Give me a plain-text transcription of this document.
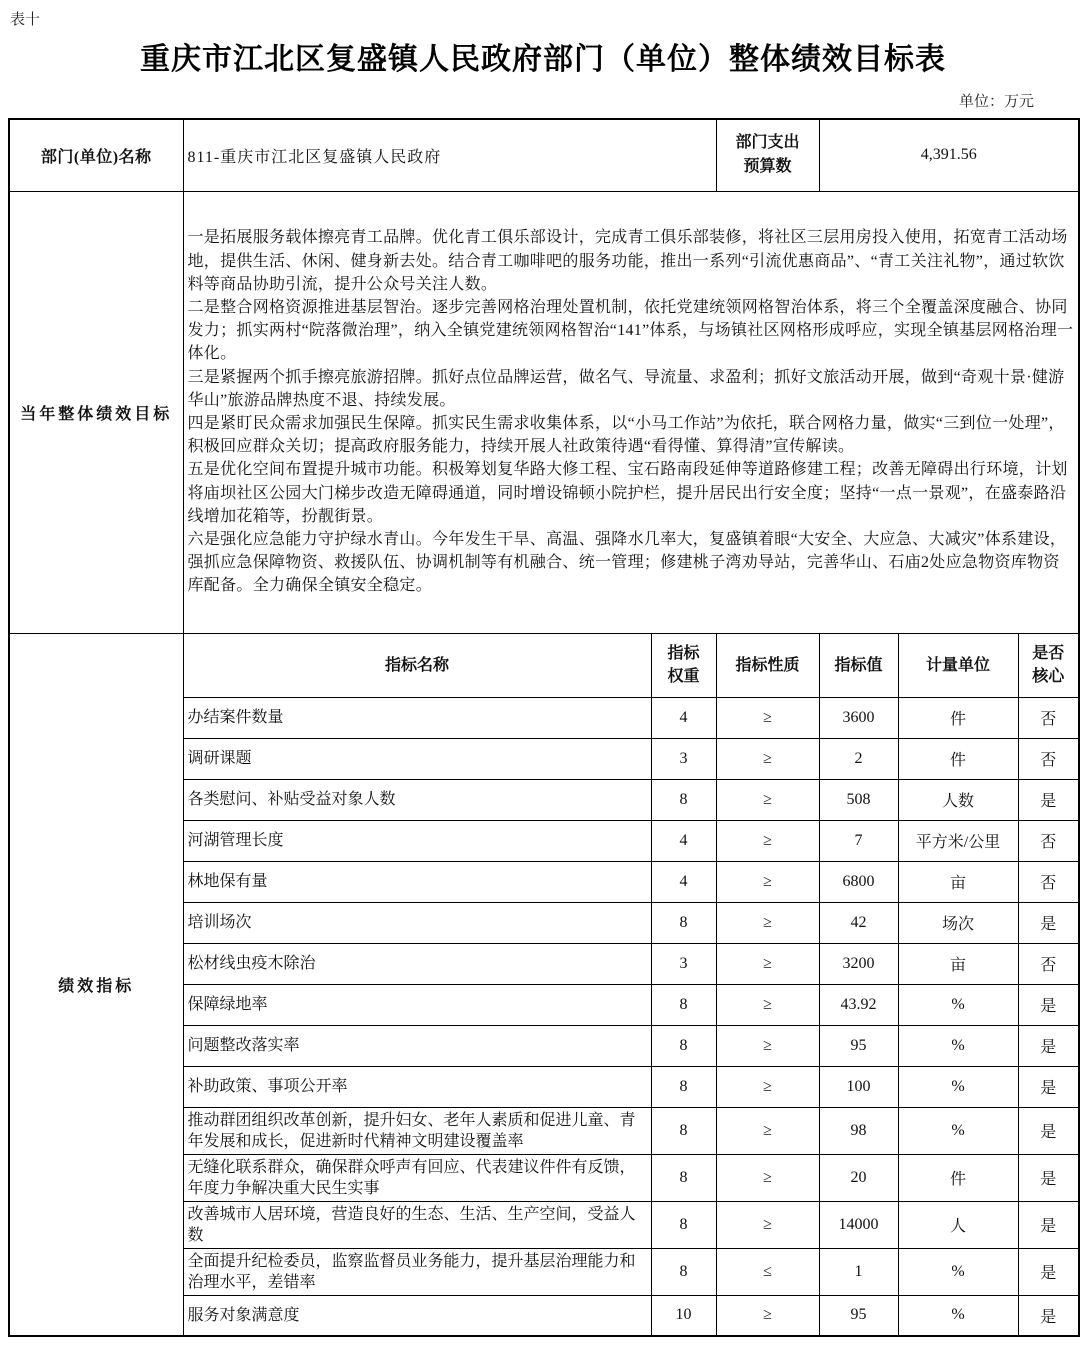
表十
重庆市江北区复盛镇人民政府部门（单位）整体绩效目标表
单位：万元
部门(单位)名称	811-重庆市江北区复盛镇人民政府		部门支出预算数	4,391.56		
当年整体绩效目标	
一是拓展服务载体擦亮青工品牌。优化青工俱乐部设计，完成青工俱乐部装修，将社区三层用房投入使用，拓宽青工活动场地，提供生活、休闲、健身新去处。结合青工咖啡吧的服务功能，推出一系列“引流优惠商品”、“青工关注礼物”，通过软饮料等商品协助引流，提升公众号关注人数。
二是整合网格资源推进基层智治。逐步完善网格治理处置机制，依托党建统领网格智治体系，将三个全覆盖深度融合、协同发力；抓实两村“院落微治理”，纳入全镇党建统领网格智治“141”体系，与场镇社区网格形成呼应，实现全镇基层网格治理一体化。
三是紧握两个抓手擦亮旅游招牌。抓好点位品牌运营，做名气、导流量、求盈利；抓好文旅活动开展，做到“奇观十景·健游华山”旅游品牌热度不退、持续发展。
四是紧盯民众需求加强民生保障。抓实民生需求收集体系，以“小马工作站”为依托，联合网格力量，做实“三到位一处理”，积极回应群众关切；提高政府服务能力，持续开展人社政策待遇“看得懂、算得清”宣传解读。
五是优化空间布置提升城市功能。积极筹划复华路大修工程、宝石路南段延伸等道路修建工程；改善无障碍出行环境，计划将庙坝社区公园大门梯步改造无障碍通道，同时增设锦顿小院护栏，提升居民出行安全度；坚持“一点一景观”，在盛泰路沿线增加花箱等，扮靓街景。
六是强化应急能力守护绿水青山。今年发生干旱、高温、强降水几率大，复盛镇着眼“大安全、大应急、大减灾”体系建设，强抓应急保障物资、救援队伍、协调机制等有机融合、统一管理；修建桃子湾劝导站，完善华山、石庙2处应急物资库物资库配备。全力确保全镇安全稳定。

绩效指标	指标名称	指标权重	指标性质	指标值	计量单位	是否核心
	办结案件数量	4	≥	3600	件	否
	调研课题	3	≥	2	件	否
	各类慰问、补贴受益对象人数	8	≥	508	人数	是
	河湖管理长度	4	≥	7	平方米/公里	否
	林地保有量	4	≥	6800	亩	否
	培训场次	8	≥	42	场次	是
	松材线虫疫木除治	3	≥	3200	亩	否
	保障绿地率	8	≥	43.92	%	是
	问题整改落实率	8	≥	95	%	是
	补助政策、事项公开率	8	≥	100	%	是
	推动群团组织改革创新，提升妇女、老年人素质和促进儿童、青年发展和成长，促进新时代精神文明建设覆盖率	8	≥	98	%	是
	无缝化联系群众，确保群众呼声有回应、代表建议件件有反馈，年度力争解决重大民生实事	8	≥	20	件	是
	改善城市人居环境，营造良好的生态、生活、生产空间，受益人数	8	≥	14000	人	是
	全面提升纪检委员，监察监督员业务能力，提升基层治理能力和治理水平，差错率	8	≤	1	%	是
	服务对象满意度	10	≥	95	%	是
